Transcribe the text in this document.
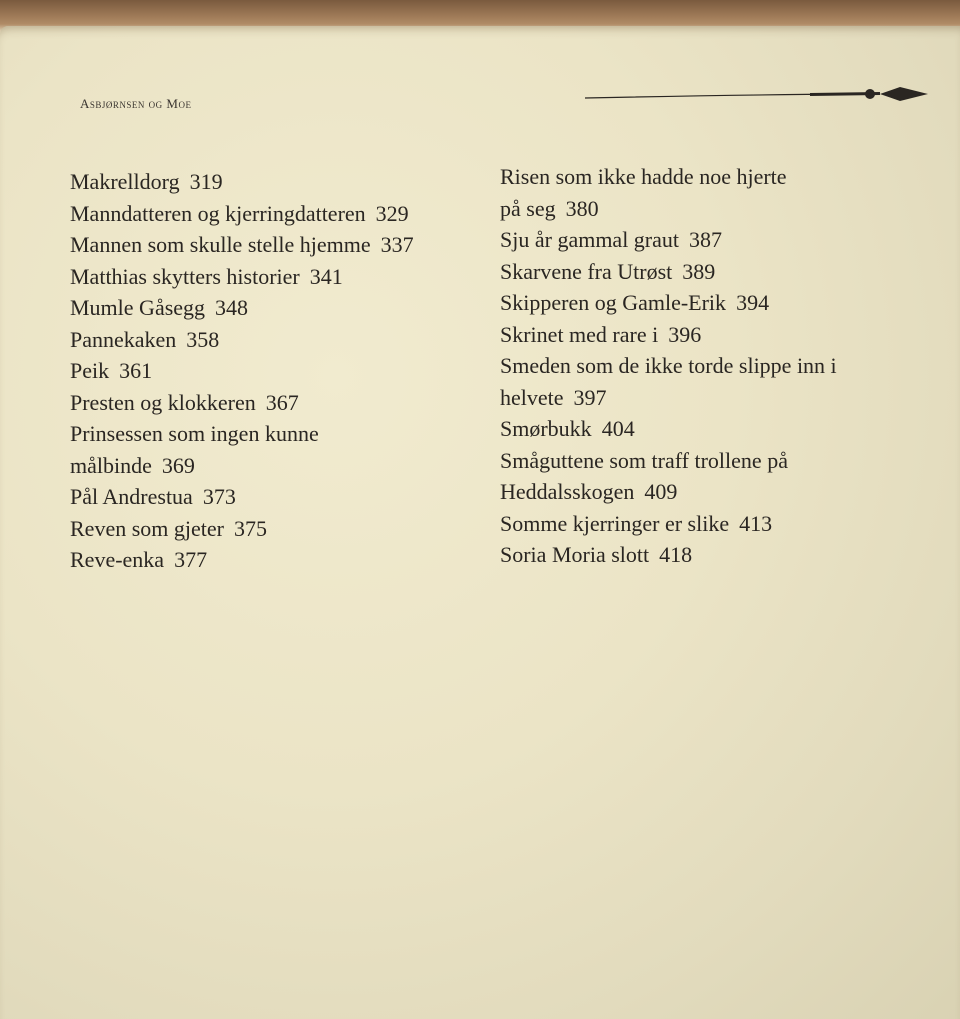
Asbjørnsen og Moe
Makrelldorg 319
Manndatteren og kjerringdatteren 329
Mannen som skulle stelle hjemme 337
Matthias skytters historier 341
Mumle Gåsegg 348
Pannekaken 358
Peik 361
Presten og klokkeren 367
Prinsessen som ingen kunne
målbinde 369
Pål Andrestua 373
Reven som gjeter 375
Reve-enka 377
Risen som ikke hadde noe hjerte
på seg 380
Sju år gammal graut 387
Skarvene fra Utrøst 389
Skipperen og Gamle-Erik 394
Skrinet med rare i 396
Smeden som de ikke torde slippe inn i
helvete 397
Smørbukk 404
Småguttene som traff trollene på
Heddalsskogen 409
Somme kjerringer er slike 413
Soria Moria slott 418
